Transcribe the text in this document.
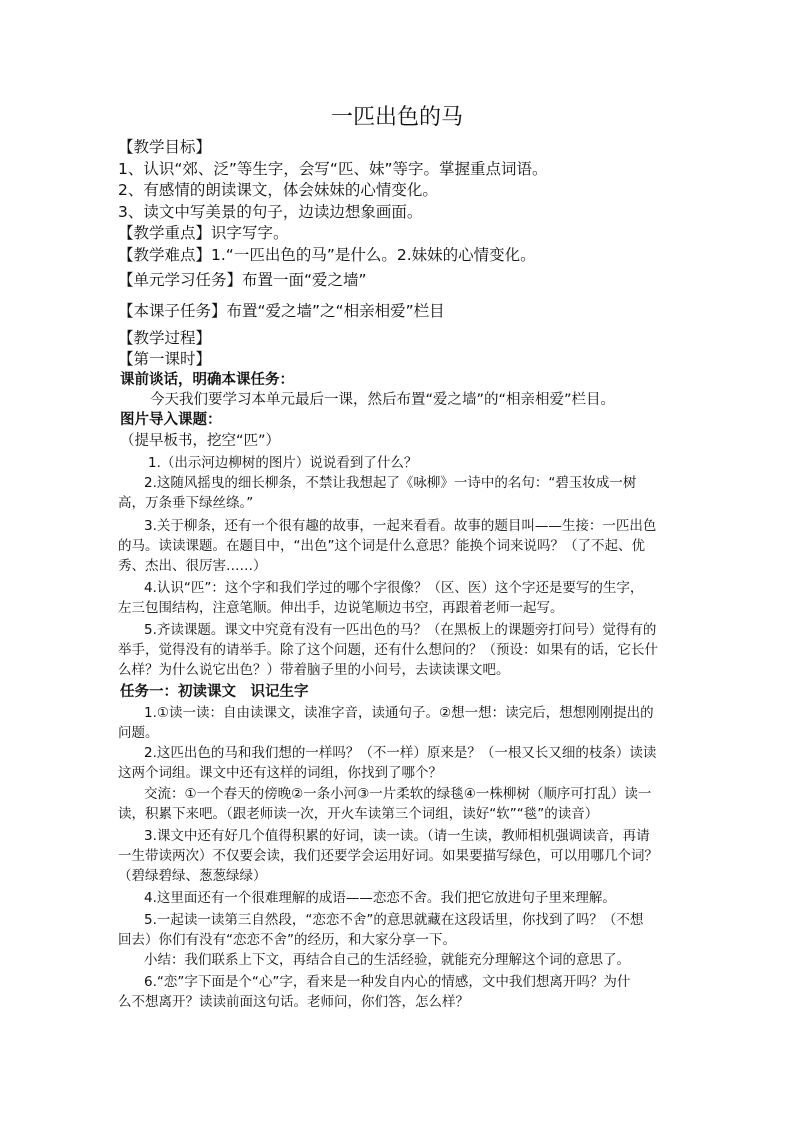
一匹出色的马
【教学目标】
1、认识“郊、泛”等生字，会写“匹、妹”等字。掌握重点词语。
2、有感情的朗读课文，体会妹妹的心情变化。
3、读文中写美景的句子，边读边想象画面。
【教学重点】识字写字。
【教学难点】1.“一匹出色的马”是什么。2.妹妹的心情变化。
【单元学习任务】布置一面“爱之墙”
【本课子任务】布置“爱之墙”之“相亲相爱”栏目
【教学过程】
【第一课时】
课前谈话，明确本课任务：
今天我们要学习本单元最后一课，然后布置“爱之墙”的“相亲相爱”栏目。
图片导入课题：
（提早板书，挖空“匹”）
1.（出示河边柳树的图片）说说看到了什么？
2.这随风摇曳的细长柳条，不禁让我想起了《咏柳》一诗中的名句：“碧玉妆成一树
高，万条垂下绿丝绦。”
3.关于柳条，还有一个很有趣的故事，一起来看看。故事的题目叫——生接：一匹出色
的马。读读课题。在题目中，“出色”这个词是什么意思？能换个词来说吗？（了不起、优
秀、杰出、很厉害……）
4.认识“匹”：这个字和我们学过的哪个字很像？（区、医）这个字还是要写的生字，
左三包围结构，注意笔顺。伸出手，边说笔顺边书空，再跟着老师一起写。
5.齐读课题。课文中究竟有没有一匹出色的马？（在黑板上的课题旁打问号）觉得有的
举手，觉得没有的请举手。除了这个问题，还有什么想问的？（预设：如果有的话，它长什
么样？为什么说它出色？）带着脑子里的小问号，去读读课文吧。
任务一：初读课文　识记生字
1.①读一读：自由读课文，读准字音，读通句子。②想一想：读完后，想想刚刚提出的
问题。
2.这匹出色的马和我们想的一样吗？（不一样）原来是？（一根又长又细的枝条）读读
这两个词组。课文中还有这样的词组，你找到了哪个？
交流：①一个春天的傍晚②一条小河③一片柔软的绿毯④一株柳树（顺序可打乱）读一
读，积累下来吧。（跟老师读一次，开火车读第三个词组，读好“软”“毯”的读音）
3.课文中还有好几个值得积累的好词，读一读。（请一生读，教师相机强调读音，再请
一生带读两次）不仅要会读，我们还要学会运用好词。如果要描写绿色，可以用哪几个词？
（碧绿碧绿、葱葱绿绿）
4.这里面还有一个很难理解的成语——恋恋不舍。我们把它放进句子里来理解。
5.一起读一读第三自然段，“恋恋不舍”的意思就藏在这段话里，你找到了吗？（不想
回去）你们有没有“恋恋不舍”的经历，和大家分享一下。
小结：我们联系上下文，再结合自己的生活经验，就能充分理解这个词的意思了。
6.“恋”字下面是个“心”字，看来是一种发自内心的情感，文中我们想离开吗？为什
么不想离开？读读前面这句话。老师问，你们答，怎么样？
